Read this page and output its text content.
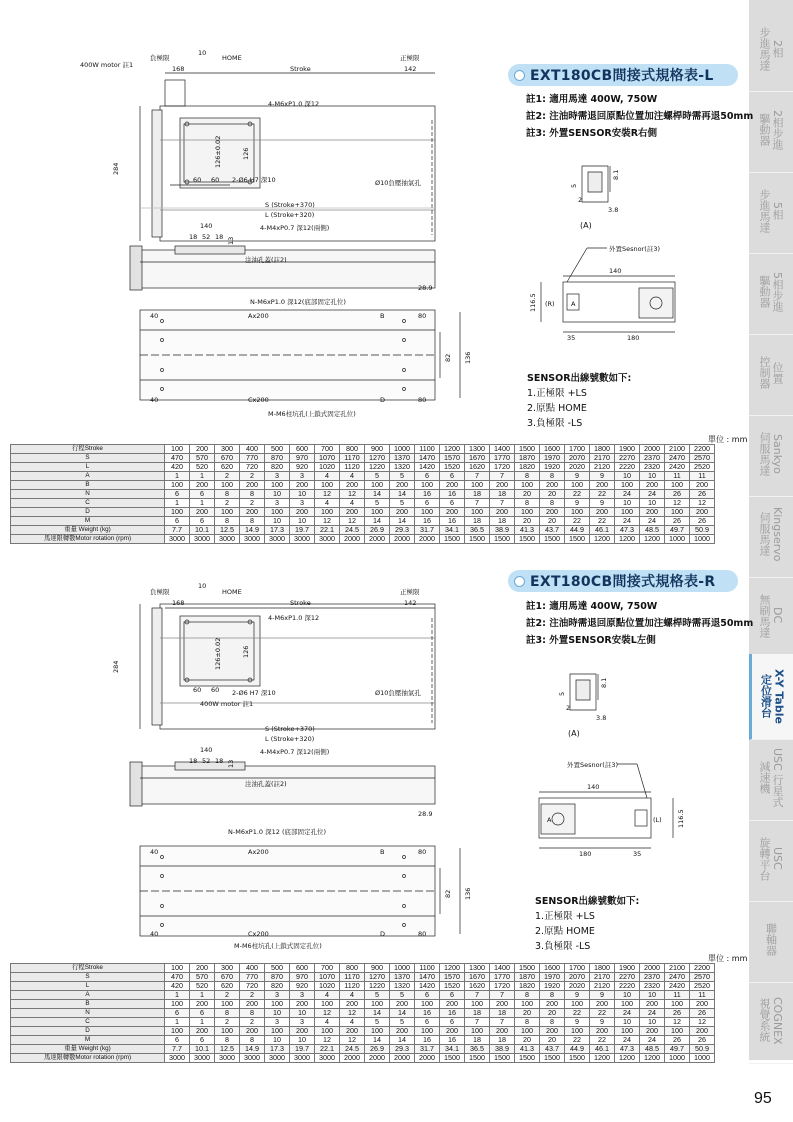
2相
步進馬達
2相步進
驅動器
5相
步進馬達
5相步進
驅動器
位置
控制器
Sankyo
伺服馬達
Kingservo
伺服馬達
DC
無刷馬達
X-Y Table
定位滑台
USC 行星式
減速機
USC
旋轉平台
聯軸器
COGNEX
視覺系統
負極限
10
HOME
400W motor 註1	168	Stroke
正極限
142
284
4-M6xP1.0 深12
126±0.02	126
60 60 2-Ø6 H7 深10	Ø10負壓抽氣孔
S (Stroke+370)
L (Stroke+320)
140	4-M4xP0.7 深12(兩側)
18 52 18 13
注油孔蓋(註2)
28.9
N-M6xP1.0 深12(底部固定孔位)
40	Ax200	B	80
82 136
40	Cx200	D	80
M-M6柱坑孔(上鎖式固定孔位)
EXT180CB間接式規格表-L
註1: 適用馬達 400W, 750W
註2: 注油時需退回原點位置加注螺桿時需再退50mm
註3: 外置SENSOR安裝R右側
5
8.1
2
3.8
(A)
外置Sesnor(註3)
140
116.5 (R)	A
35	180
SENSOR出線號數如下:
1.正極限 +LS
2.原點 HOME
3.負極限 -LS
單位 : mm
行程Stroke	100	200	300	400	500	600	700	800	900	1000	1100	1200	1300	1400	1500	1600	1700	1800	1900	2000	2100	2200
S	470	570	670	770	870	970	1070	1170	1270	1370	1470	1570	1670	1770	1870	1970	2070	2170	2270	2370	2470	2570
L	420	520	620	720	820	920	1020	1120	1220	1320	1420	1520	1620	1720	1820	1920	2020	2120	2220	2320	2420	2520
A	1	1	2	2	3	3	4	4	5	5	6	6	7	7	8	8	9	9	10	10	11	11
B	100	200	100	200	100	200	100	200	100	200	100	200	100	200	100	200	100	200	100	200	100	200
N	6	6	8	8	10	10	12	12	14	14	16	16	18	18	20	20	22	22	24	24	26	26
C	1	1	2	2	3	3	4	4	5	5	6	6	7	7	8	8	9	9	10	10	12	12
D	100	200	100	200	100	200	100	200	100	200	100	200	100	200	100	200	100	200	100	200	100	200
M	6	6	8	8	10	10	12	12	14	14	16	16	18	18	20	20	22	22	24	24	26	26
重量 Weight (kg)	7.7	10.1	12.5	14.9	17.3	19.7	22.1	24.5	26.9	29.3	31.7	34.1	36.5	38.9	41.3	43.7	44.9	46.1	47.3	48.5	49.7	50.9
馬達限轉數Motor rotation (rpm)	3000	3000	3000	3000	3000	3000	3000	2000	2000	2000	2000	1500	1500	1500	1500	1500	1500	1200	1200	1200	1000	1000
負極限
10
HOME
168	Stroke
正極限
142
284
4-M6xP1.0 深12
126±0.02	126
60 60 2-Ø6 H7 深10	Ø10負壓抽氣孔
400W motor 註1
S (Stroke+370)
L (Stroke+320)
140	4-M4xP0.7 深12(兩側)
18 52 18 13
注油孔蓋(註2)
28.9
N-M6xP1.0 深12 (底部固定孔位)
40	Ax200	B	80
82 136
40	Cx200	D	80
M-M6柱坑孔(上鎖式固定孔位)
EXT180CB間接式規格表-R
註1: 適用馬達 400W, 750W
註2: 注油時需退回原點位置加注螺桿時需再退50mm
註3: 外置SENSOR安裝L左側
5
8.1
2
3.8
(A)
外置Sesnor(註3)
140
116.5
(L)
A
35
180
SENSOR出線號數如下:
1.正極限 +LS
2.原點 HOME
3.負極限 -LS
單位 : mm
行程Stroke	100	200	300	400	500	600	700	800	900	1000	1100	1200	1300	1400	1500	1600	1700	1800	1900	2000	2100	2200
S	470	570	670	770	870	970	1070	1170	1270	1370	1470	1570	1670	1770	1870	1970	2070	2170	2270	2370	2470	2570
L	420	520	620	720	820	920	1020	1120	1220	1320	1420	1520	1620	1720	1820	1920	2020	2120	2220	2320	2420	2520
A	1	1	2	2	3	3	4	4	5	5	6	6	7	7	8	8	9	9	10	10	11	11
B	100	200	100	200	100	200	100	200	100	200	100	200	100	200	100	200	100	200	100	200	100	200
N	6	6	8	8	10	10	12	12	14	14	16	16	18	18	20	20	22	22	24	24	26	26
C	1	1	2	2	3	3	4	4	5	5	6	6	7	7	8	8	9	9	10	10	12	12
D	100	200	100	200	100	200	100	200	100	200	100	200	100	200	100	200	100	200	100	200	100	200
M	6	6	8	8	10	10	12	12	14	14	16	16	18	18	20	20	22	22	24	24	26	26
重量 Weight (kg)	7.7	10.1	12.5	14.9	17.3	19.7	22.1	24.5	26.9	29.3	31.7	34.1	36.5	38.9	41.3	43.7	44.9	46.1	47.3	48.5	49.7	50.9
馬達限轉數Motor rotation (rpm)	3000	3000	3000	3000	3000	3000	3000	2000	2000	2000	2000	1500	1500	1500	1500	1500	1500	1200	1200	1200	1000	1000
95
